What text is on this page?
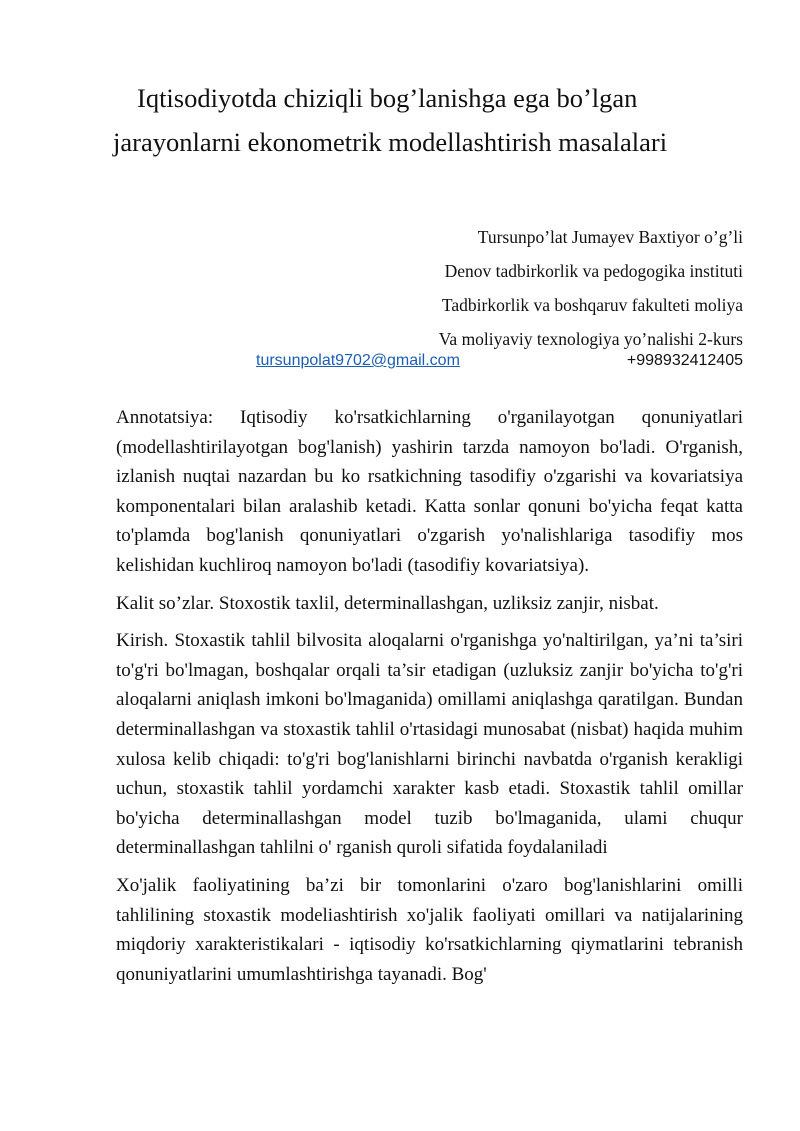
Iqtisodiyotda chiziqli bog’lanishga ega bo’lgan jarayonlarni ekonometrik modellashtirish masalalari

Tursunpo’lat Jumayev Baxtiyor o’g’li

Denov tadbirkorlik va pedogogika instituti

Tadbirkorlik va boshqaruv fakulteti moliya

Va moliyaviy texnologiya yo’nalishi 2-kurs

tursunpolat9702@gmail.com	+998932412405

Annotatsiya: Iqtisodiy ko'rsatkichlarning o'rganilayotgan qonuniyatlari (modellashtirilayotgan bog'lanish) yashirin tarzda namoyon bo'ladi. O'rganish, izlanish nuqtai nazardan bu ko rsatkichning tasodifiy o'zgarishi va kovariatsiya komponentalari bilan aralashib ketadi. Katta sonlar qonuni bo'yicha feqat katta to'plamda bog'lanish qonuniyatlari o'zgarish yo'nalishlariga tasodifiy mos kelishidan kuchliroq namoyon bo'ladi (tasodifiy kovariatsiya).

Kalit so’zlar. Stoxostik taxlil, determinallashgan, uzliksiz zanjir, nisbat.

Kirish. Stoxastik tahlil bilvosita aloqalarni o'rganishga yo'naltirilgan, ya’ni ta’siri to'g'ri bo'lmagan, boshqalar orqali ta’sir etadigan (uzluksiz zanjir bo'yicha to'g'ri aloqalarni aniqlash imkoni bo'lmaganida) omillami aniqlashga qaratilgan. Bundan determinallashgan va stoxastik tahlil o'rtasidagi munosabat (nisbat) haqida muhim xulosa kelib chiqadi: to'g'ri bog'lanishlarni birinchi navbatda o'rganish kerakligi uchun, stoxastik tahlil yordamchi xarakter kasb etadi. Stoxastik tahlil omillar bo'yicha determinallashgan model tuzib bo'lmaganida, ulami chuqur determinallashgan tahlilni o' rganish quroli sifatida foydalaniladi

Xo'jalik faoliyatining ba’zi bir tomonlarini o'zaro bog'lanishlarini omilli tahlilining stoxastik modeliashtirish xo'jalik faoliyati omillari va natijalarining miqdoriy xarakteristikalari - iqtisodiy ko'rsatkichlarning qiymatlarini tebranish qonuniyatlarini umumlashtirishga tayanadi. Bog'
